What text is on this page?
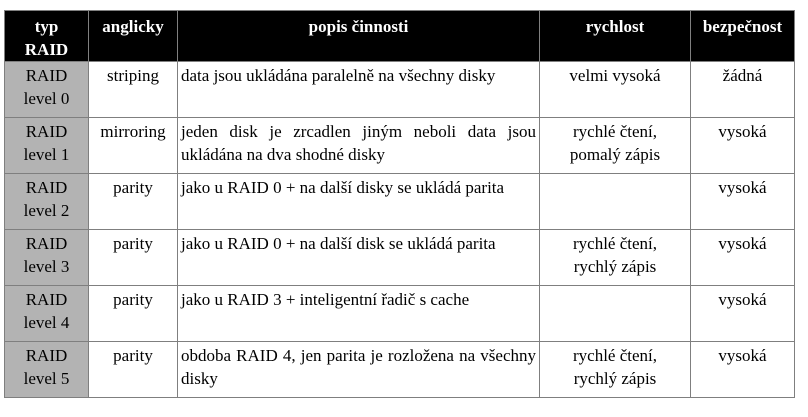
typ RAID	anglicky	popis činnosti	rychlost	bezpečnost
RAID level 0	striping	data jsou ukládána paralelně na všechny disky	velmi vysoká	žádná
RAID level 1	mirroring	jeden disk je zrcadlen jiným neboli data jsou ukládána na dva shodné disky	rychlé čtení, pomalý zápis	vysoká
RAID level 2	parity	jako u RAID 0 + na další disky se ukládá parita		vysoká
RAID level 3	parity	jako u RAID 0 + na další disk se ukládá parita	rychlé čtení, rychlý zápis	vysoká
RAID level 4	parity	jako u RAID 3 + inteligentní řadič s cache		vysoká
RAID level 5	parity	obdoba RAID 4, jen parita je rozložena na všechny disky	rychlé čtení, rychlý zápis	vysoká
